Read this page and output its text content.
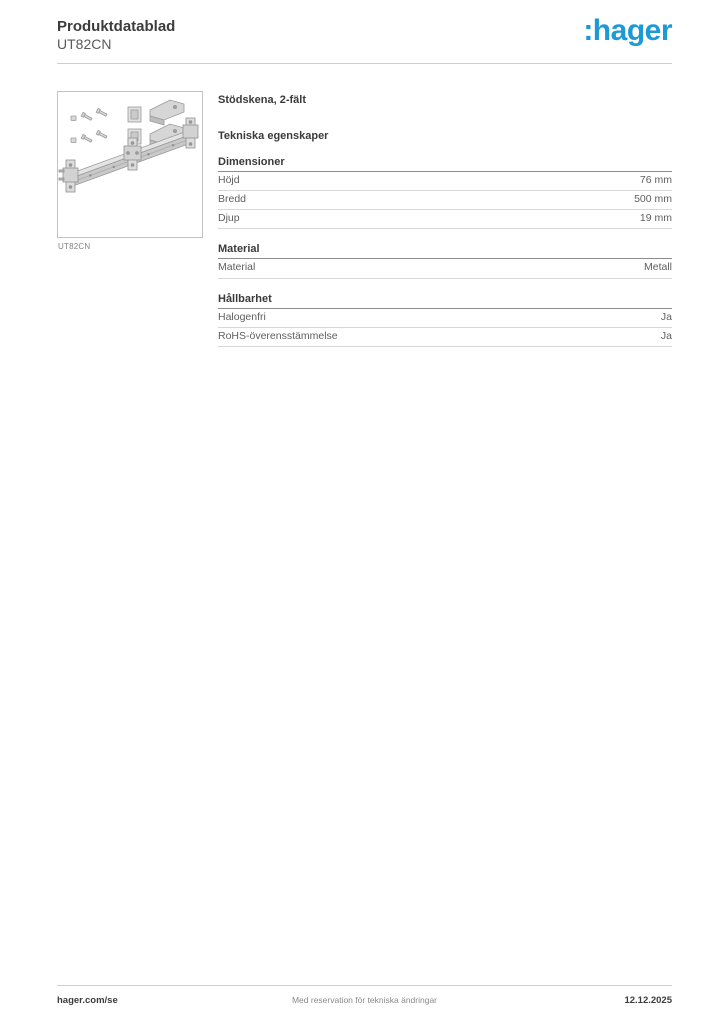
Produktdatablad
UT82CN	:hager
UT82CN
Stödskena, 2-fält
Tekniska egenskaper
Dimensioner
Höjd	76 mm
Bredd	500 mm
Djup	19 mm
Material
Material	Metall
Hållbarhet
Halogenfri	Ja
RoHS-överensstämmelse	Ja
Med reservation för tekniska ändringar
hager.com/se	12.12.2025
